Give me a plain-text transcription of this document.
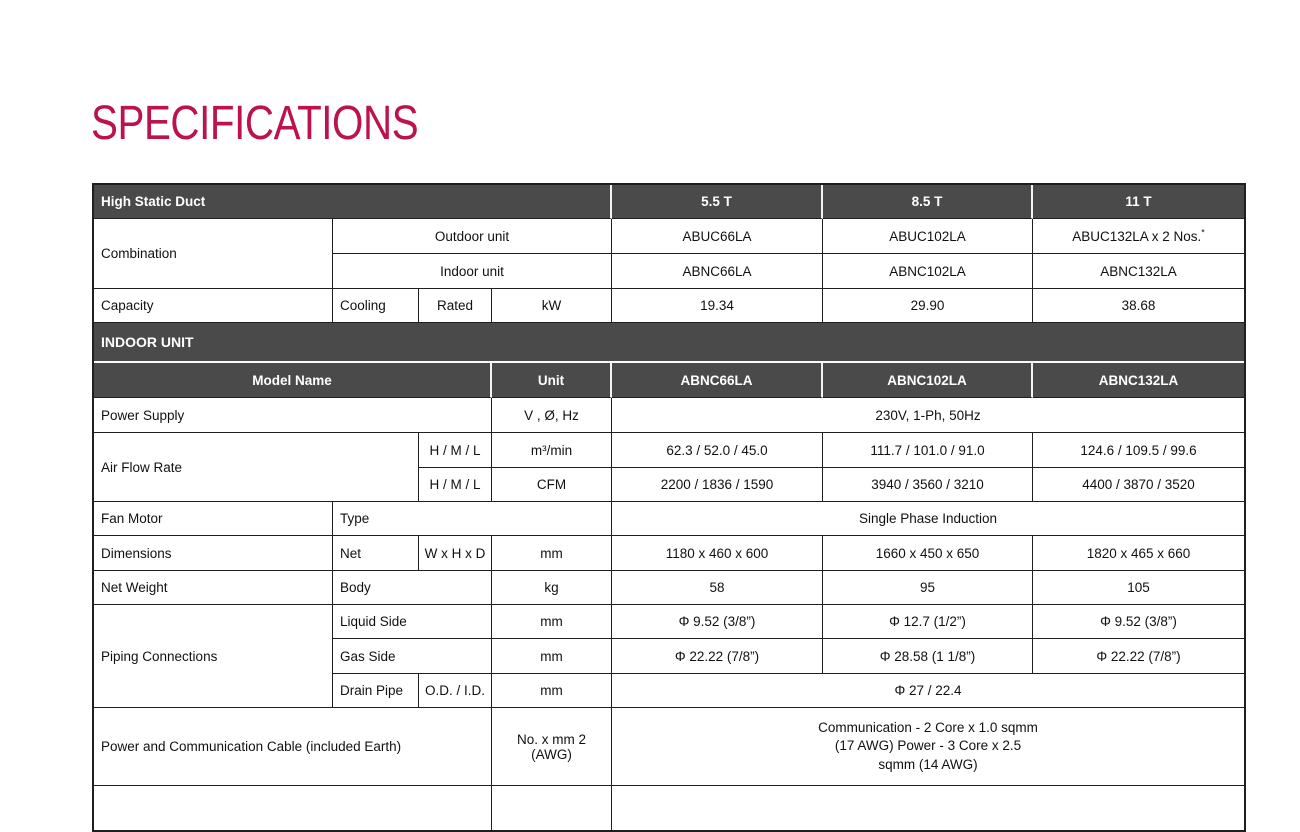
SPECIFICATIONS
High Static Duct				5.5 T	8.5 T	11 T
Combination	Outdoor unit			ABUC66LA	ABUC102LA	ABUC132LA x 2 Nos.*
	Indoor unit			ABNC66LA	ABNC102LA	ABNC132LA
Capacity	Cooling	Rated	kW	19.34	29.90	38.68
INDOOR UNIT						
Model Name			Unit	ABNC66LA	ABNC102LA	ABNC132LA
Power Supply			V , Ø, Hz	230V, 1-Ph, 50Hz		
Air Flow Rate		H / M / L	m³/min	62.3 / 52.0 / 45.0	111.7 / 101.0 / 91.0	124.6 / 109.5 / 99.6
		H / M / L	CFM	2200 / 1836 / 1590	3940 / 3560 / 3210	4400 / 3870 / 3520
Fan Motor	Type			Single Phase Induction		
Dimensions	Net	W x H x D	mm	1180 x 460 x 600	1660 x 450 x 650	1820 x 465 x 660
Net Weight	Body		kg	58	95	105
Piping Connections	Liquid Side		mm	Φ 9.52 (3/8”)	Φ 12.7 (1/2”)	Φ 9.52 (3/8”)
	Gas Side		mm	Φ 22.22 (7/8”)	Φ 28.58 (1 1/8”)	Φ 22.22 (7/8”)
	Drain Pipe	O.D. / I.D.	mm	Φ 27 / 22.4		
Power and Communication Cable (included Earth)			No. x mm 2 (AWG)	Communication - 2 Core x 1.0 sqmm
(17 AWG) Power - 3 Core x 2.5
sqmm (14 AWG)		
